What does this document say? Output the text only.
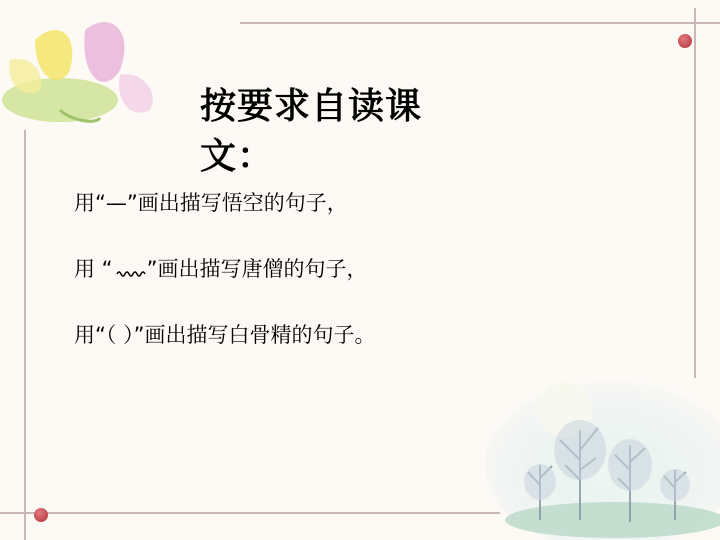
按要求自读课文：
用“—”画出描写悟空的句子，
用 “ ”画出描写唐僧的句子，
用“（ ）”画出描写白骨精的句子。
